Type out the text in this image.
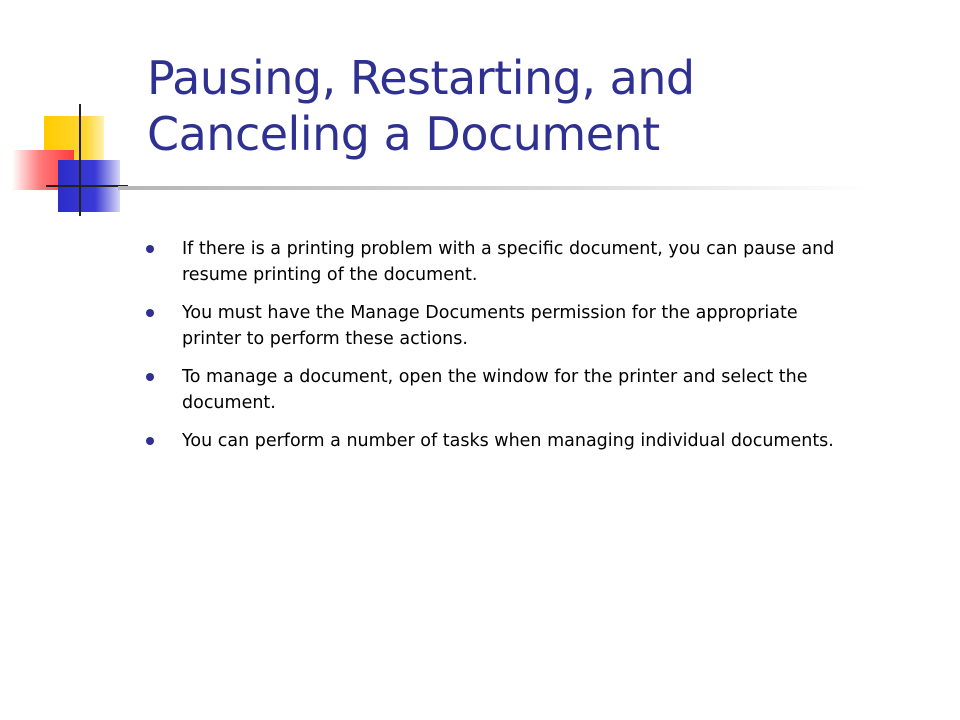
Pausing, Restarting, and Canceling a Document
If there is a printing problem with a specific document, you can pause and resume printing of the document.
You must have the Manage Documents permission for the appropriate printer to perform these actions.
To manage a document, open the window for the printer and select the document.
You can perform a number of tasks when managing individual documents.
